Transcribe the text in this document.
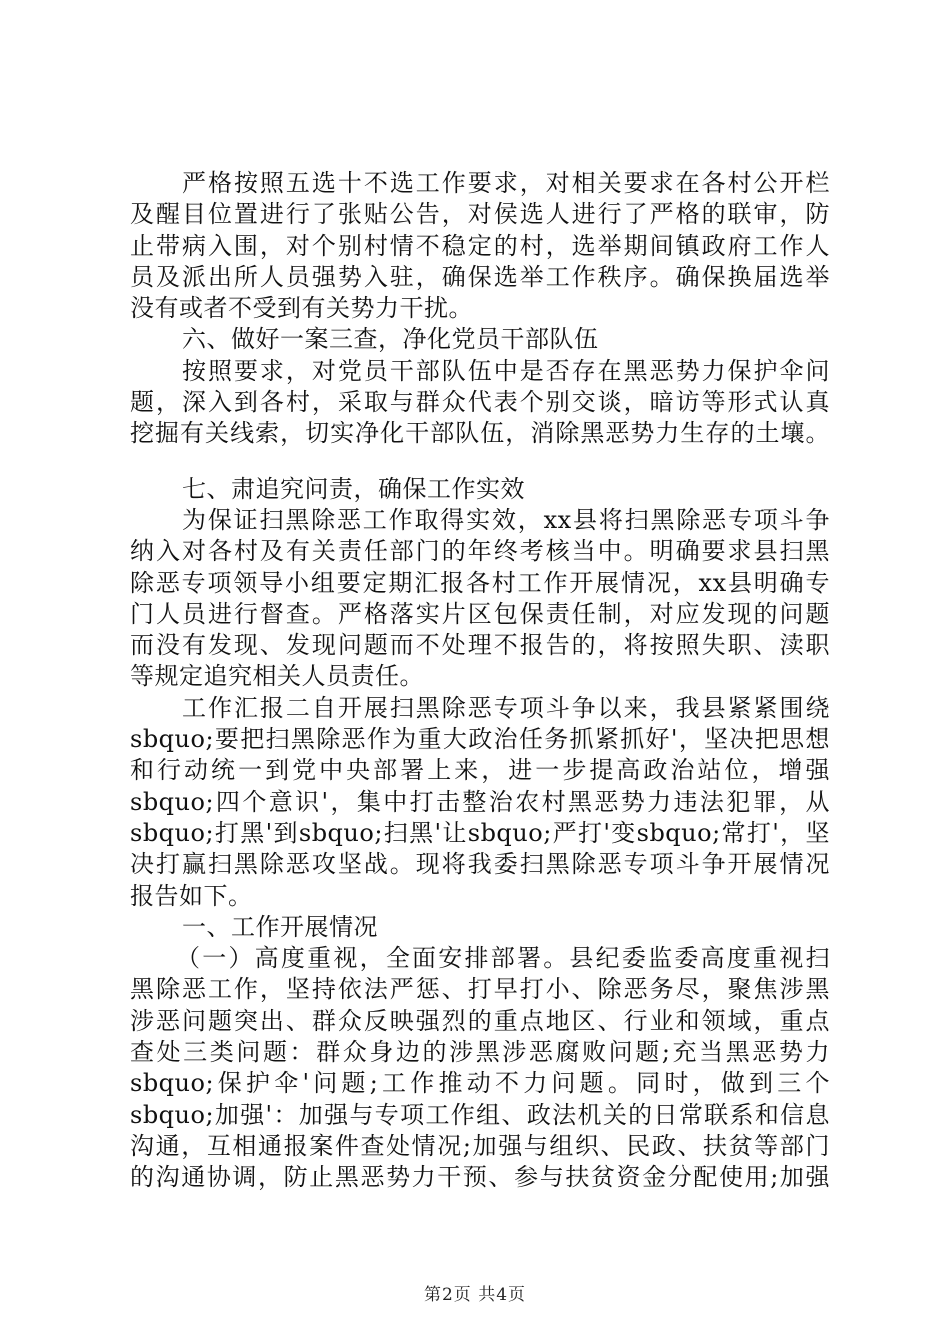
严格按照五选十不选工作要求，对相关要求在各村公开栏
及醒目位置进行了张贴公告，对侯选人进行了严格的联审，防
止带病入围，对个别村情不稳定的村，选举期间镇政府工作人
员及派出所人员强势入驻，确保选举工作秩序。确保换届选举
没有或者不受到有关势力干扰。
六、做好一案三查，净化党员干部队伍
按照要求，对党员干部队伍中是否存在黑恶势力保护伞问
题，深入到各村，采取与群众代表个别交谈，暗访等形式认真
挖掘有关线索，切实净化干部队伍，消除黑恶势力生存的土壤。
七、肃追究问责，确保工作实效
为保证扫黑除恶工作取得实效，xx县将扫黑除恶专项斗争
纳入对各村及有关责任部门的年终考核当中。明确要求县扫黑
除恶专项领导小组要定期汇报各村工作开展情况，xx县明确专
门人员进行督查。严格落实片区包保责任制，对应发现的问题
而没有发现、发现问题而不处理不报告的，将按照失职、渎职
等规定追究相关人员责任。
工作汇报二自开展扫黑除恶专项斗争以来，我县紧紧围绕
sbquo;要把扫黑除恶作为重大政治任务抓紧抓好'，坚决把思想
和行动统一到党中央部署上来，进一步提高政治站位，增强
sbquo;四个意识'，集中打击整治农村黑恶势力违法犯罪，从
sbquo;打黑'到sbquo;扫黑'让sbquo;严打'变sbquo;常打'，坚
决打赢扫黑除恶攻坚战。现将我委扫黑除恶专项斗争开展情况
报告如下。
一、工作开展情况
（一）高度重视，全面安排部署。县纪委监委高度重视扫
黑除恶工作，坚持依法严惩、打早打小、除恶务尽，聚焦涉黑
涉恶问题突出、群众反映强烈的重点地区、行业和领域，重点
查处三类问题：群众身边的涉黑涉恶腐败问题;充当黑恶势力
sbquo;保护伞'问题;工作推动不力问题。同时，做到三个
sbquo;加强'：加强与专项工作组、政法机关的日常联系和信息
沟通，互相通报案件查处情况;加强与组织、民政、扶贫等部门
的沟通协调，防止黑恶势力干预、参与扶贫资金分配使用;加强
第2页 共4页
